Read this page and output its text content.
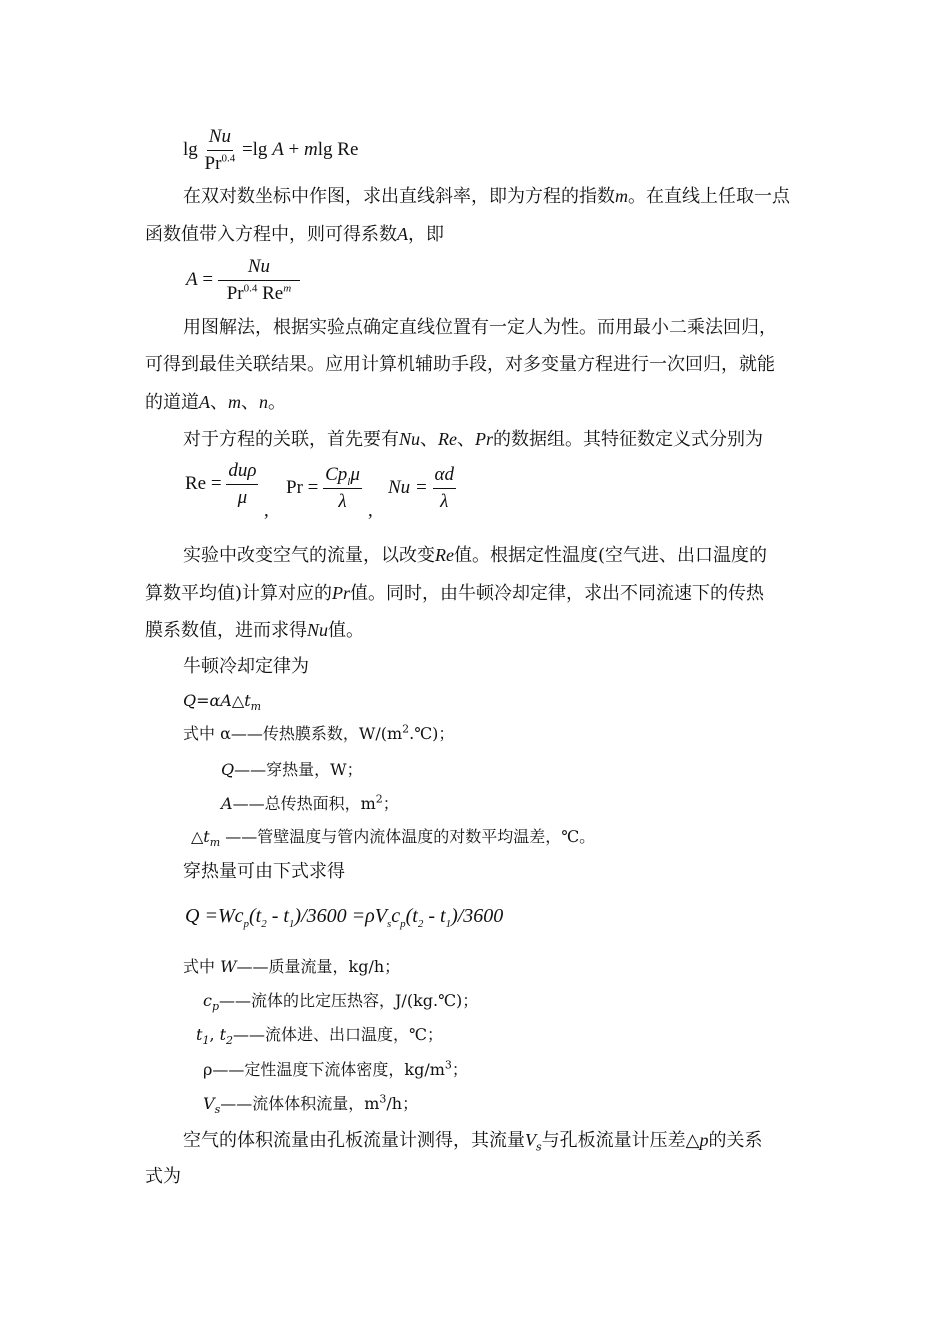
$\lg \frac{Nu}{Pr^{0.4}} =\lg$ A + mlg Re
在双对数坐标中作图，求出直线斜率，即为方程的指数m。在直线上任取一点
函数值带入方程中，则可得系数A，即
$A = \frac{Nu}{Pr^{0.4} Re^m}$
用图解法，根据实验点确定直线位置有一定人为性。而用最小二乘法回归，
可得到最佳关联结果。应用计算机辅助手段，对多变量方程进行一次回归，就能
的道道A、m、n。
对于方程的关联，首先要有Nu、Re、Pr的数据组。其特征数定义式分别为
$Re = \frac{\text{duρ}}{\mu}$
,
$Pr = \frac{Cp_l\mu}{\lambda}$ ,
$Nu = \frac{\alpha d}{\lambda}$
实验中改变空气的流量，以改变Re值。根据定性温度(空气进、出口温度的
算数平均值)计算对应的Pr值。同时，由牛顿冷却定律，求出不同流速下的传热
膜系数值，进而求得Nu值。
牛顿冷却定律为
$Q=\alpha A\triangle t_m$
式中 α——传热膜系数，$W/(m^2.℃)$；
Q——穿热量，W；
A——总传热面积，$m^2$；
$\triangle t_m$ ——管壁温度与管内流体温度的对数平均温差，℃。
穿热量可由下式求得
$Q =Wc_p(t_2 - t_1)/3600 =\rho V_sc_p(t_2 - t_1)/3600$
式中 W——质量流量，kg/h；
$c_p——$流体的比定压热容，J/(kg.℃)；
$t_1$, $t_2——$流体进、出口温度，℃；
ρ——定性温度下流体密度，$kg/m^3$；
$V_s——$流体体积流量，$m^3/h$；
空气的体积流量由孔板流量计测得，其流量$V_s$与孔板流量计压差△p的关系
式为
